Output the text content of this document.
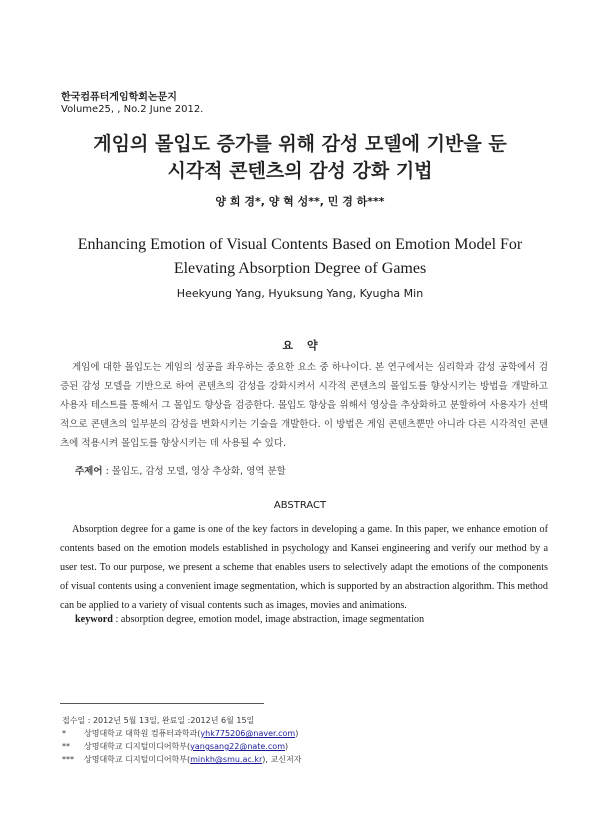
한국컴퓨터게임학회논문지
Volume25, , No.2 June 2012.
게임의 몰입도 증가를 위해 감성 모델에 기반을 둔
시각적 콘텐츠의 감성 강화 기법
양 희 경*, 양 혁 성**, 민 경 하***
Enhancing Emotion of Visual Contents Based on Emotion Model For
Elevating Absorption Degree of Games
Heekyung Yang, Hyuksung Yang, Kyugha Min
요약
게임에 대한 몰입도는 게임의 성공을 좌우하는 중요한 요소 중 하나이다. 본 연구에서는 심리학과 감성 공학에서 검증된 감성 모델을 기반으로 하여 콘텐츠의 감성을 강화시켜서 시각적 콘텐츠의 몰입도를 향상시키는 방법을 개발하고 사용자 테스트를 통해서 그 몰입도 향상을 검증한다. 몰입도 향상을 위해서 영상을 추상화하고 분할하여 사용자가 선택적으로 콘텐츠의 일부분의 감성을 변화시키는 기술을 개발한다. 이 방법은 게임 콘텐츠뿐만 아니라 다른 시각적인 콘텐츠에 적용시켜 몰입도를 향상시키는 데 사용될 수 있다.
주제어 : 몰입도, 감성 모델, 영상 추상화, 영역 분할
ABSTRACT
Absorption degree for a game is one of the key factors in developing a game. In this paper, we enhance emotion of contents based on the emotion models established in psychology and Kansei engineering and verify our method by a user test. To our purpose, we present a scheme that enables users to selectively adapt the emotions of the components of visual contents using a convenient image segmentation, which is supported by an abstraction algorithm. This method can be applied to a variety of visual contents such as images, movies and animations.
keyword : absorption degree, emotion model, image abstraction, image segmentation
접수일 : 2012년 5월 13일, 완료일 :2012년 6월 15일
* 상명대학교 대학원 컴퓨터과학과(yhk775206@naver.com)
** 상명대학교 디지털미디어학부(yangsang22@nate.com)
*** 상명대학교 디지털미디어학부(minkh@smu.ac.kr), 교신저자
